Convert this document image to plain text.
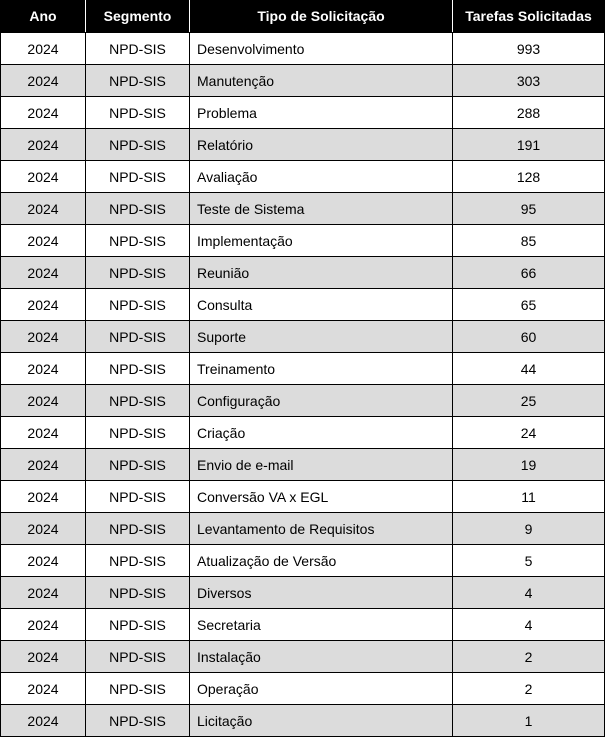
Ano	Segmento	Tipo de Solicitação	Tarefas Solicitadas
2024	NPD-SIS	Desenvolvimento	993
2024	NPD-SIS	Manutenção	303
2024	NPD-SIS	Problema	288
2024	NPD-SIS	Relatório	191
2024	NPD-SIS	Avaliação	128
2024	NPD-SIS	Teste de Sistema	95
2024	NPD-SIS	Implementação	85
2024	NPD-SIS	Reunião	66
2024	NPD-SIS	Consulta	65
2024	NPD-SIS	Suporte	60
2024	NPD-SIS	Treinamento	44
2024	NPD-SIS	Configuração	25
2024	NPD-SIS	Criação	24
2024	NPD-SIS	Envio de e-mail	19
2024	NPD-SIS	Conversão VA x EGL	11
2024	NPD-SIS	Levantamento de Requisitos	9
2024	NPD-SIS	Atualização de Versão	5
2024	NPD-SIS	Diversos	4
2024	NPD-SIS	Secretaria	4
2024	NPD-SIS	Instalação	2
2024	NPD-SIS	Operação	2
2024	NPD-SIS	Licitação	1
